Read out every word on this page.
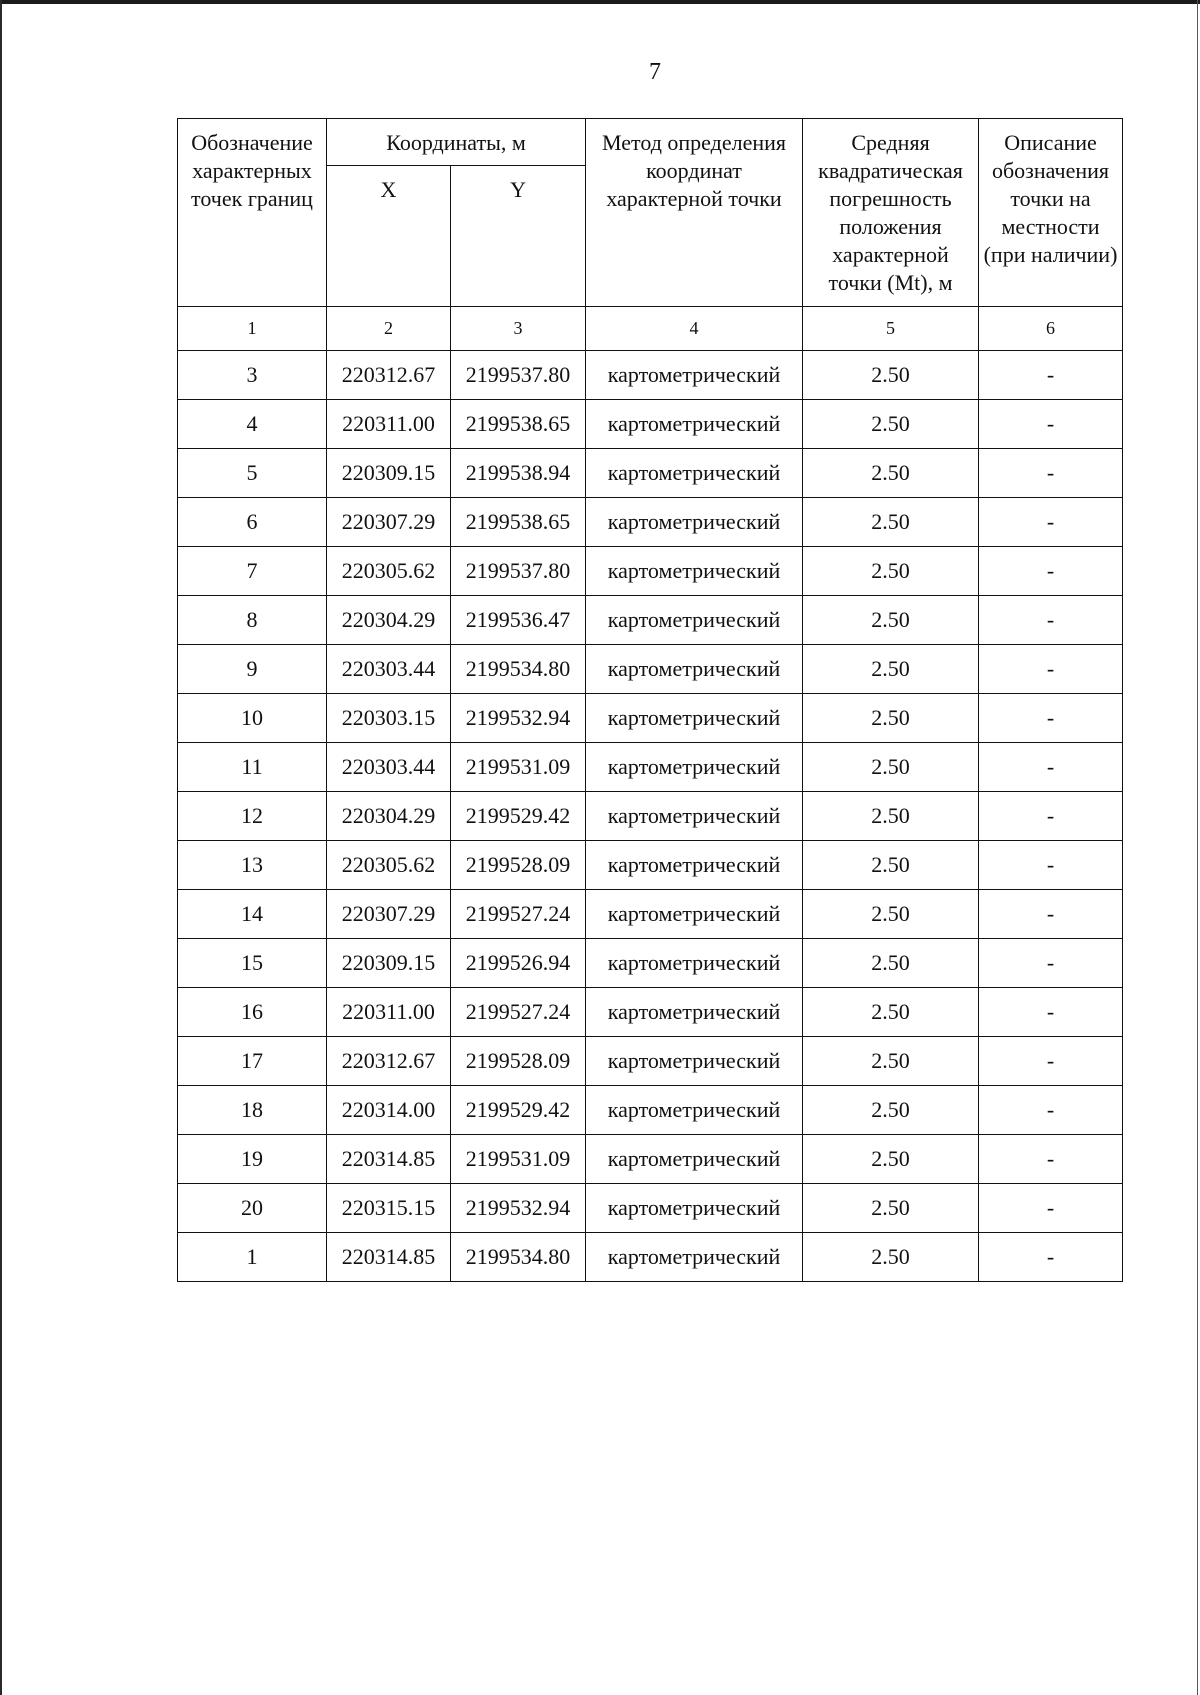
7
Обозначение характерных точек границ	Координаты, м		Метод определения координат характерной точки	Средняя квадратическая погрешность положения характерной точки (Mt), м	Описание обозначения точки на местности (при наличии)
	X	Y			
1	2	3	4	5	6
3	220312.67	2199537.80	картометрический	2.50	-
4	220311.00	2199538.65	картометрический	2.50	-
5	220309.15	2199538.94	картометрический	2.50	-
6	220307.29	2199538.65	картометрический	2.50	-
7	220305.62	2199537.80	картометрический	2.50	-
8	220304.29	2199536.47	картометрический	2.50	-
9	220303.44	2199534.80	картометрический	2.50	-
10	220303.15	2199532.94	картометрический	2.50	-
11	220303.44	2199531.09	картометрический	2.50	-
12	220304.29	2199529.42	картометрический	2.50	-
13	220305.62	2199528.09	картометрический	2.50	-
14	220307.29	2199527.24	картометрический	2.50	-
15	220309.15	2199526.94	картометрический	2.50	-
16	220311.00	2199527.24	картометрический	2.50	-
17	220312.67	2199528.09	картометрический	2.50	-
18	220314.00	2199529.42	картометрический	2.50	-
19	220314.85	2199531.09	картометрический	2.50	-
20	220315.15	2199532.94	картометрический	2.50	-
1	220314.85	2199534.80	картометрический	2.50	-
